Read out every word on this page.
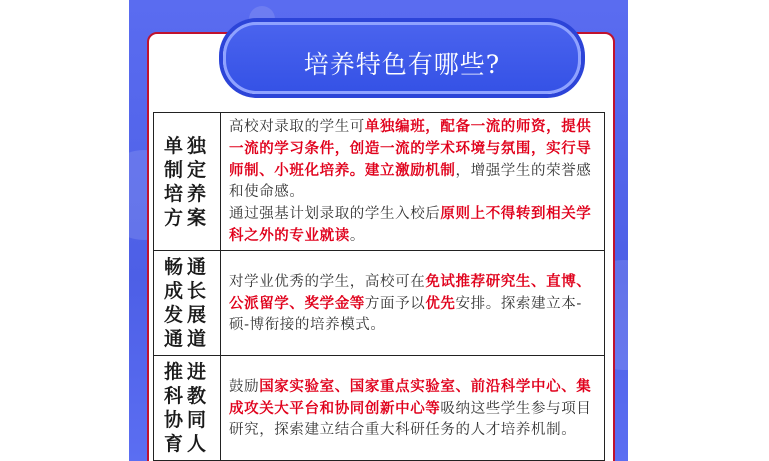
培养特色有哪些?
单独
制定
培养
方案	高校对录取的学生可单独编班，配备一流的师资，提供一流的学习条件，创造一流的学术环境与氛围，实行导师制、小班化培养。建立激励机制，增强学生的荣誉感和使命感。
通过强基计划录取的学生入校后原则上不得转到相关学科之外的专业就读。

畅通
成长
发展
通道	对学业优秀的学生，高校可在免试推荐研究生、直博、公派留学、奖学金等方面予以优先安排。探索建立本-硕-博衔接的培养模式。

推进
科教
协同
育人	鼓励国家实验室、国家重点实验室、前沿科学中心、集成攻关大平台和协同创新中心等吸纳这些学生参与项目研究，探索建立结合重大科研任务的人才培养机制。
